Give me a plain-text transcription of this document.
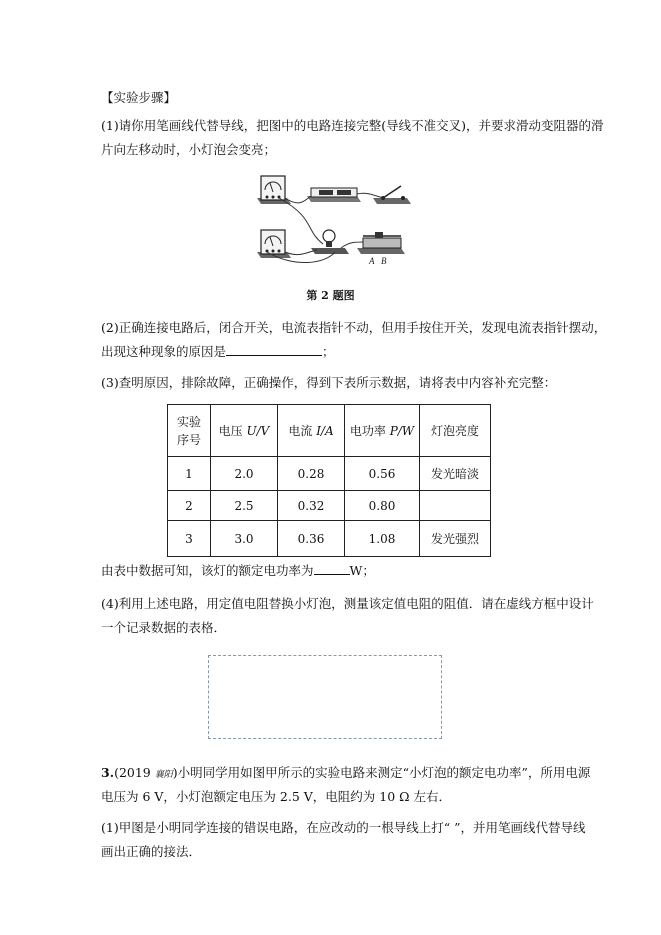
【实验步骤】
(1)请你用笔画线代替导线，把图中的电路连接完整(导线不准交叉)，并要求滑动变阻器的滑
片向左移动时，小灯泡会变亮；
A B
第 2 题图
(2)正确连接电路后，闭合开关，电流表指针不动，但用手按住开关，发现电流表指针摆动，
出现这种现象的原因是	；
(3)查明原因，排除故障，正确操作，得到下表所示数据，请将表中内容补充完整：
实验
序号	电压 U/V	电流 I/A	电功率 P/W	灯泡亮度
1	2.0	0.28	0.56	发光暗淡
2	2.5	0.32	0.80	
3	3.0	0.36	1.08	发光强烈
由表中数据可知，该灯的额定电功率为	W；
(4)利用上述电路，用定值电阻替换小灯泡，测量该定值电阻的阻值．请在虚线方框中设计
一个记录数据的表格．
3.(2019 襄阳)小明同学用如图甲所示的实验电路来测定“小灯泡的额定电功率”，所用电源
电压为 6 V，小灯泡额定电压为 2.5 V，电阻约为 10 Ω 左右．
(1)甲图是小明同学连接的错误电路，在应改动的一根导线上打“ ”，并用笔画线代替导线
画出正确的接法．
